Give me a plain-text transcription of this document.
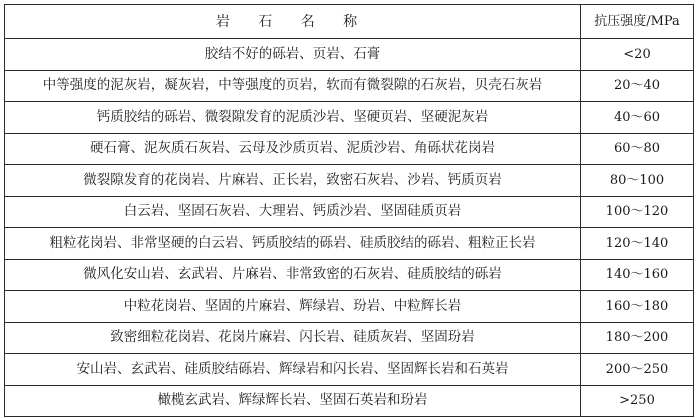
岩 石 名 称	抗压强度/MPa
胶结不好的砾岩、页岩、石膏	<20
中等强度的泥灰岩，凝灰岩，中等强度的页岩，软而有微裂隙的石灰岩，贝壳石灰岩	20～40
钙质胶结的砾岩、微裂隙发育的泥质沙岩、坚硬页岩、坚硬泥灰岩	40～60
硬石膏、泥灰质石灰岩、云母及沙质页岩、泥质沙岩、角砾状花岗岩	60～80
微裂隙发育的花岗岩、片麻岩、正长岩，致密石灰岩、沙岩、钙质页岩	80～100
白云岩、坚固石灰岩、大理岩、钙质沙岩、坚固硅质页岩	100～120
粗粒花岗岩、非常坚硬的白云岩、钙质胶结的砾岩、硅质胶结的砾岩、粗粒正长岩	120～140
微风化安山岩、玄武岩、片麻岩、非常致密的石灰岩、硅质胶结的砾岩	140～160
中粒花岗岩、坚固的片麻岩、辉绿岩、玢岩、中粒辉长岩	160～180
致密细粒花岗岩、花岗片麻岩、闪长岩、硅质灰岩、坚固玢岩	180～200
安山岩、玄武岩、硅质胶结砾岩、辉绿岩和闪长岩、坚固辉长岩和石英岩	200～250
橄榄玄武岩、辉绿辉长岩、坚固石英岩和玢岩	>250
